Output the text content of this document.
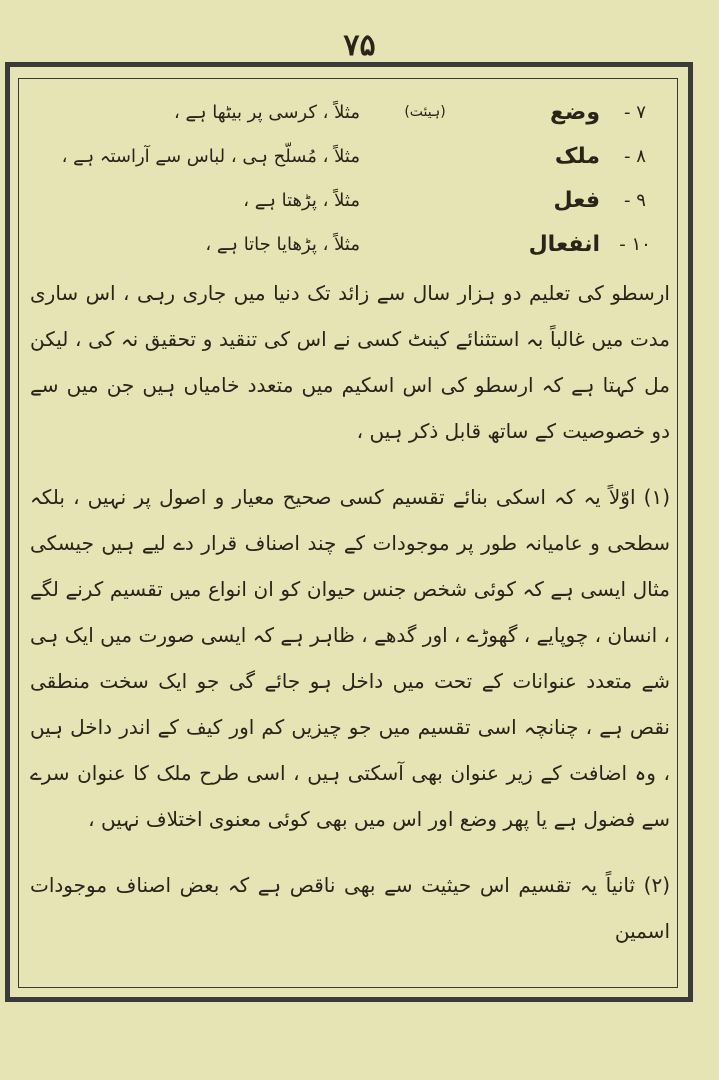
۷۵
۷ -
وضع
(ہیئت)
مثلاً ، کرسی پر بیٹھا ہے ،
۸ -
ملک
مثلاً ، مُسلّح ہی ، لباس سے آراستہ ہے ،
۹ -
فعل
مثلاً ، پڑھتا ہے ،
۱۰ -
انفعال
مثلاً ، پڑھایا جاتا ہے ،

ارسطو کی تعلیم دو ہزار سال سے زائد تک دنیا میں جاری رہی ، اس ساری مدت میں غالباً بہ استثنائے کینٹ کسی نے اس کی تنقید و تحقیق نہ کی ، لیکن مل کہتا ہے کہ ارسطو کی اس اسکیم میں متعدد خامیاں ہیں جن میں سے دو خصوصیت کے ساتھ قابل ذکر ہیں ،

(۱) اوّلاً یہ کہ اسکی بنائے تقسیم کسی صحیح معیار و اصول پر نہیں ، بلکہ سطحی و عامیانہ طور پر موجودات کے چند اصناف قرار دے لیے ہیں جیسکی مثال ایسی ہے کہ کوئی شخص جنس حیوان کو ان انواع میں تقسیم کرنے لگے ، انسان ، چوپایے ، گھوڑے ، اور گدھے ، ظاہر ہے کہ ایسی صورت میں ایک ہی شے متعدد عنوانات کے تحت میں داخل ہو جائے گی جو ایک سخت منطقی نقص ہے ، چنانچہ اسی تقسیم میں جو چیزیں کم اور کیف کے اندر داخل ہیں ، وہ اضافت کے زیر عنوان بھی آسکتی ہیں ، اسی طرح ملک کا عنوان سرے سے فضول ہے یا پھر وضع اور اس میں بھی کوئی معنوی اختلاف نہیں ،

(۲) ثانیاً یہ تقسیم اس حیثیت سے بھی ناقص ہے کہ بعض اصناف موجودات اسمین
